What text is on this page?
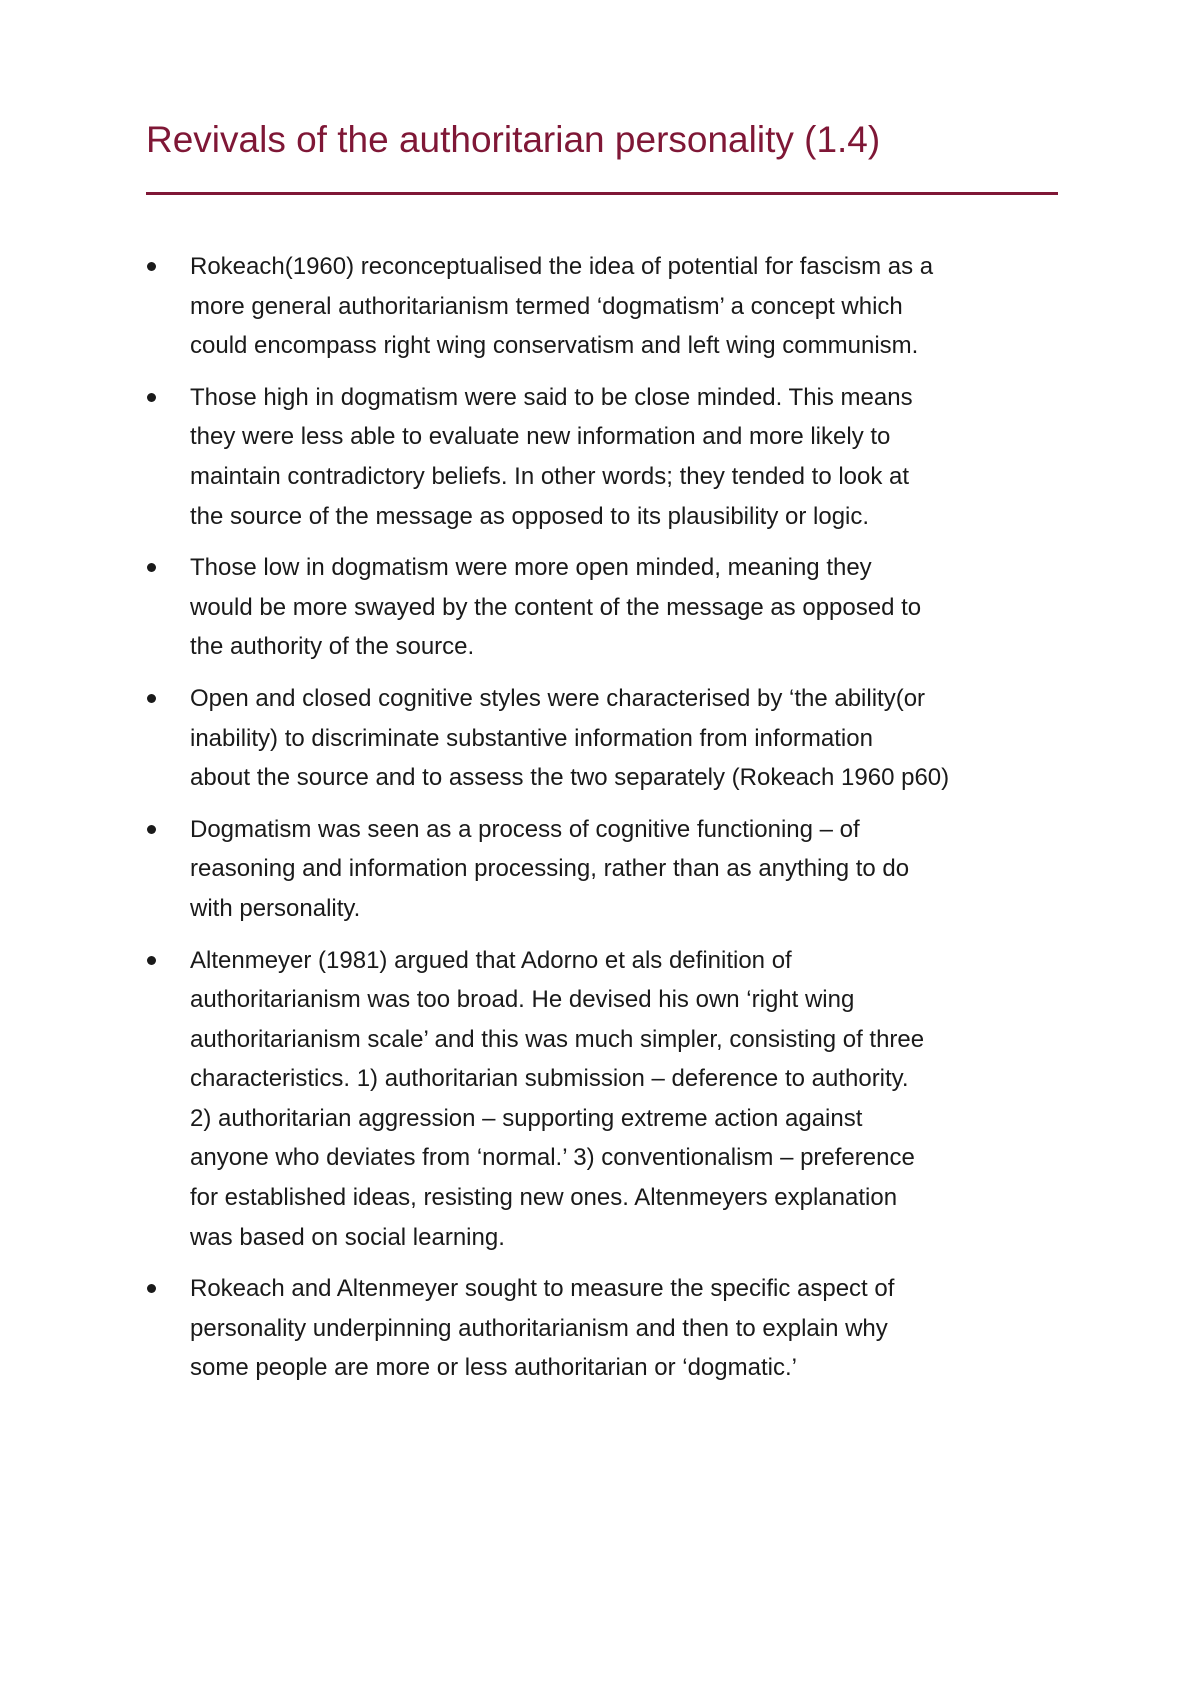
Revivals of the authoritarian personality (1.4)
Rokeach(1960) reconceptualised the idea of potential for fascism as a
more general authoritarianism termed ‘dogmatism’ a concept which
could encompass right wing conservatism and left wing communism.
Those high in dogmatism were said to be close minded. This means
they were less able to evaluate new information and more likely to
maintain contradictory beliefs. In other words; they tended to look at
the source of the message as opposed to its plausibility or logic.
Those low in dogmatism were more open minded, meaning they
would be more swayed by the content of the message as opposed to
the authority of the source.
Open and closed cognitive styles were characterised by ‘the ability(or
inability) to discriminate substantive information from information
about the source and to assess the two separately (Rokeach 1960 p60)
Dogmatism was seen as a process of cognitive functioning – of
reasoning and information processing, rather than as anything to do
with personality.
Altenmeyer (1981) argued that Adorno et als definition of
authoritarianism was too broad. He devised his own ‘right wing
authoritarianism scale’ and this was much simpler, consisting of three
characteristics. 1) authoritarian submission – deference to authority.
2) authoritarian aggression – supporting extreme action against
anyone who deviates from ‘normal.’ 3) conventionalism – preference
for established ideas, resisting new ones. Altenmeyers explanation
was based on social learning.
Rokeach and Altenmeyer sought to measure the specific aspect of
personality underpinning authoritarianism and then to explain why
some people are more or less authoritarian or ‘dogmatic.’
